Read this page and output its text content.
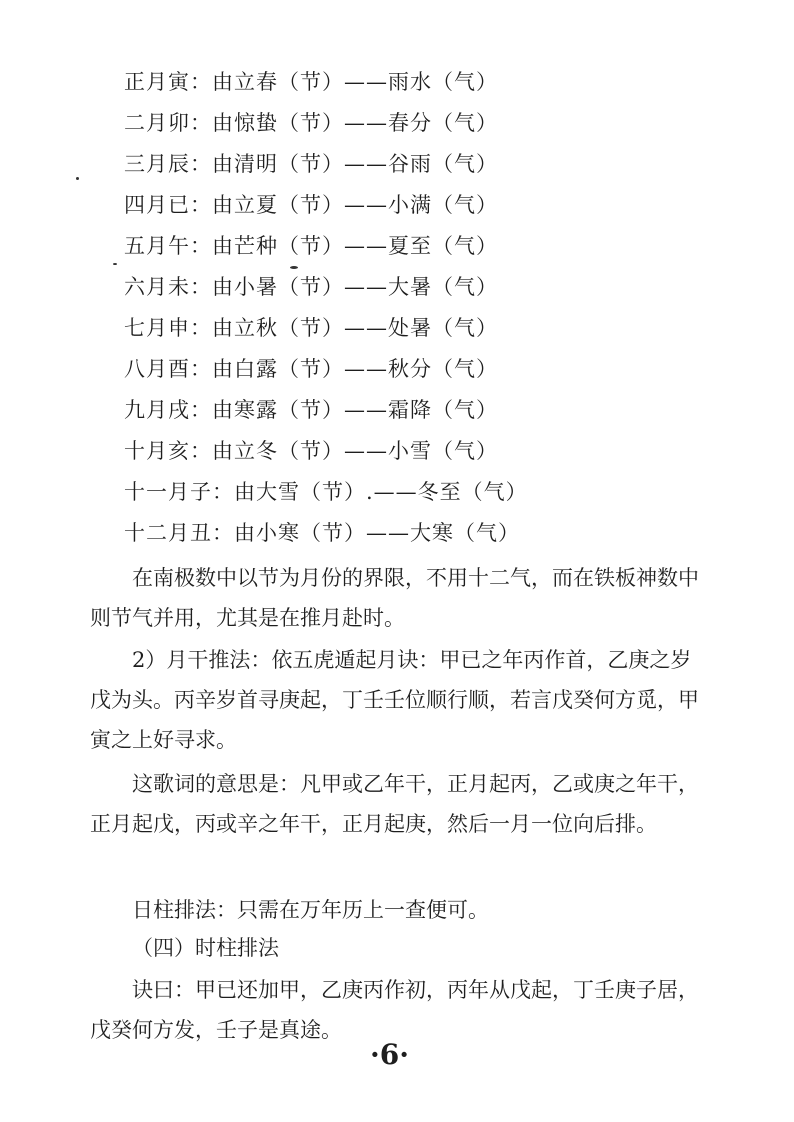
正月寅：由立春（节）——雨水（气）
二月卯：由惊蛰（节）——春分（气）
三月辰：由清明（节）——谷雨（气）
四月已：由立夏（节）——小满（气）
五月午：由芒种（节）——夏至（气）
六月未：由小暑（节）——大暑（气）
七月申：由立秋（节）——处暑（气）
八月酉：由白露（节）——秋分（气）
九月戌：由寒露（节）——霜降（气）
十月亥：由立冬（节）——小雪（气）
十一月子：由大雪（节）.——冬至（气）
十二月丑：由小寒（节）——大寒（气）
在南极数中以节为月份的界限，不用十二气，而在铁板神数中则节气并用，尤其是在推月赴时。
2）月干推法：依五虎遁起月诀：甲已之年丙作首，乙庚之岁戊为头。丙辛岁首寻庚起，丁壬壬位顺行顺，若言戊癸何方觅，甲寅之上好寻求。
这歌词的意思是：凡甲或乙年干，正月起丙，乙或庚之年干，正月起戊，丙或辛之年干，正月起庚，然后一月一位向后排。
日柱排法：只需在万年历上一查便可。
（四）时柱排法
诀曰：甲已还加甲，乙庚丙作初，丙年从戊起，丁壬庚子居，戊癸何方发，壬子是真途。
·6·
